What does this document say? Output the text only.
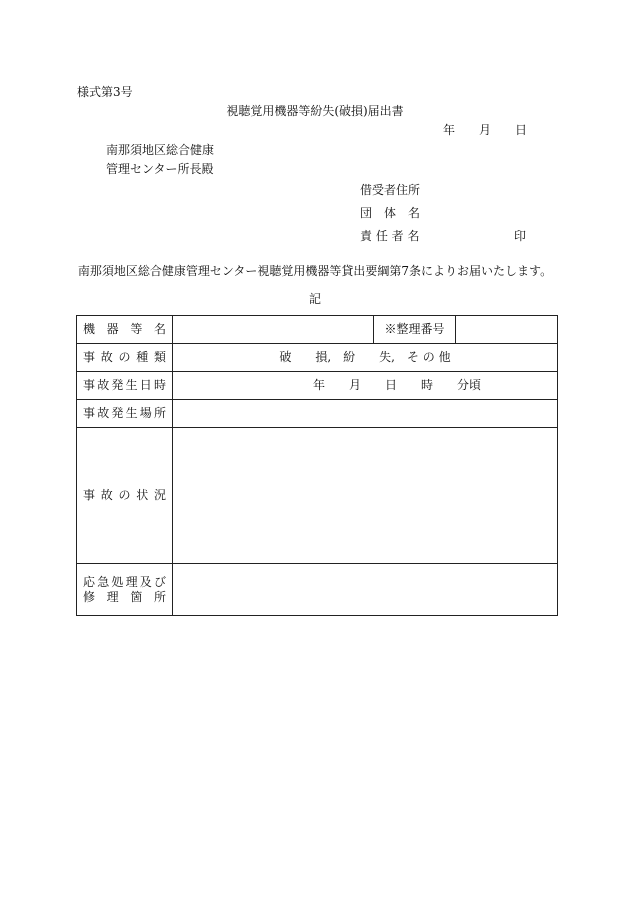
様式第3号
視聴覚用機器等紛失(破損)届出書
年 月 日
南那須地区総合健康
管理センター所長殿
借受者住所
団　体　名
責 任 者 名	印
南那須地区総合健康管理センター視聴覚用機器等貸出要綱第7条によりお届いたします。
記
機器等名		※整理番号	
事故の種類	破　　損,　紛　　失,　そ の 他		
事故発生日時	年 月 日 時 分頃		

事故発生場所			
事故の状況			

応急処理及び
修理箇所			
